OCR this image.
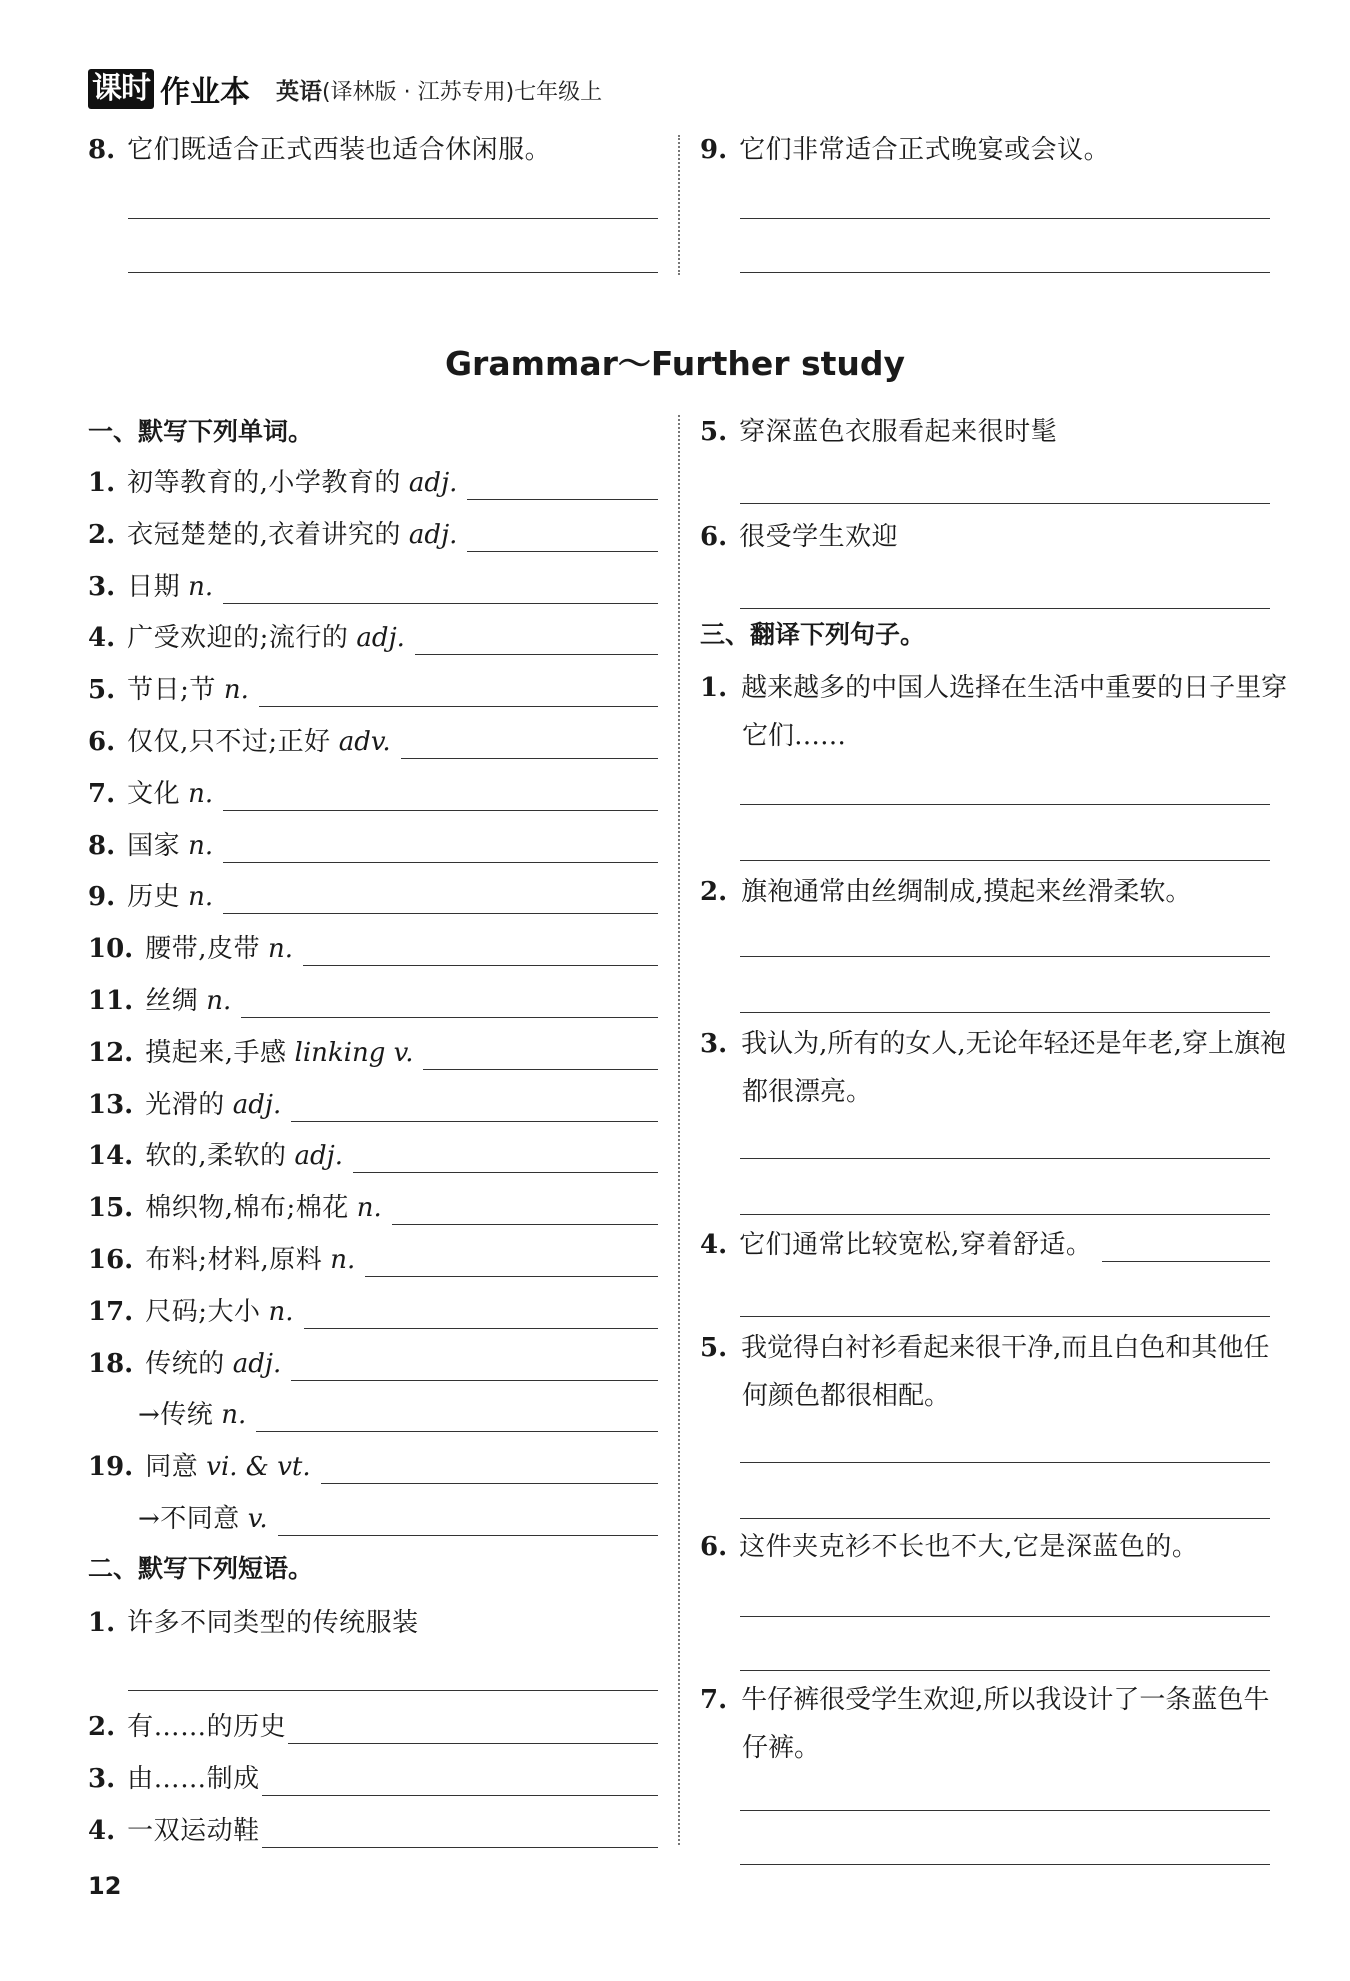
课时 作业本 英语(译林版 · 江苏专用)七年级上
8. 它们既适合正式西装也适合休闲服。	9. 它们非常适合正式晚宴或会议。
Grammar～Further study
一、默写下列单词。
1. 初等教育的,小学教育的 adj.
2. 衣冠楚楚的,衣着讲究的 adj.
3. 日期 n.
4. 广受欢迎的;流行的 adj.
5. 节日;节 n.
6. 仅仅,只不过;正好 adv.
7. 文化 n.
8. 国家 n.
9. 历史 n.
10. 腰带,皮带 n.
11. 丝绸 n.
12. 摸起来,手感 linking v.
13. 光滑的 adj.
14. 软的,柔软的 adj.
15. 棉织物,棉布;棉花 n.
16. 布料;材料,原料 n.
17. 尺码;大小 n.
18. 传统的 adj.
→传统 n.
19. 同意 vi. & vt.
→不同意 v.
二、默写下列短语。
1. 许多不同类型的传统服装
2. 有……的历史
3. 由……制成
4. 一双运动鞋
5. 穿深蓝色衣服看起来很时髦
6. 很受学生欢迎
三、翻译下列句子。
1. 越来越多的中国人选择在生活中重要的日子里穿它们……
2. 旗袍通常由丝绸制成,摸起来丝滑柔软。
3. 我认为,所有的女人,无论年轻还是年老,穿上旗袍都很漂亮。
4. 它们通常比较宽松,穿着舒适。
5. 我觉得白衬衫看起来很干净,而且白色和其他任何颜色都很相配。
6. 这件夹克衫不长也不大,它是深蓝色的。
7. 牛仔裤很受学生欢迎,所以我设计了一条蓝色牛仔裤。
12
